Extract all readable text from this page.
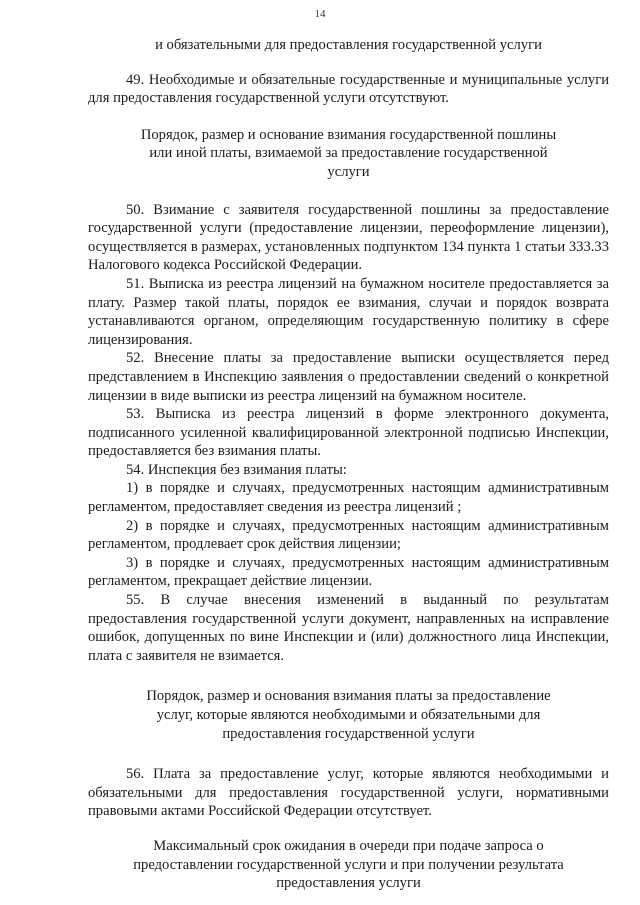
14
и обязательными для предоставления государственной услуги
49. Необходимые и обязательные государственные и муниципальные услуги для предоставления государственной услуги отсутствуют.
Порядок, размер и основание взимания государственной пошлины или иной платы, взимаемой за предоставление государственной услуги
50. Взимание с заявителя государственной пошлины за предоставление государственной услуги (предоставление лицензии, переоформление лицензии), осуществляется в размерах, установленных подпунктом 134 пункта 1 статьи 333.33 Налогового кодекса Российской Федерации.
51. Выписка из реестра лицензий на бумажном носителе предоставляется за плату. Размер такой платы, порядок ее взимания, случаи и порядок возврата устанавливаются органом, определяющим государственную политику в сфере лицензирования.
52. Внесение платы за предоставление выписки осуществляется перед представлением в Инспекцию заявления о предоставлении сведений о конкретной лицензии в виде выписки из реестра лицензий на бумажном носителе.
53. Выписка из реестра лицензий в форме электронного документа, подписанного усиленной квалифицированной электронной подписью Инспекции, предоставляется без взимания платы.
54. Инспекция без взимания платы:
1) в порядке и случаях, предусмотренных настоящим административным регламентом, предоставляет сведения из реестра лицензий ;
2) в порядке и случаях, предусмотренных настоящим административным регламентом, продлевает срок действия лицензии;
3) в порядке и случаях, предусмотренных настоящим административным регламентом, прекращает действие лицензии.
55. В случае внесения изменений в выданный по результатам предоставления государственной услуги документ, направленных на исправление ошибок, допущенных по вине Инспекции и (или) должностного лица Инспекции, плата с заявителя не взимается.
Порядок, размер и основания взимания платы за предоставление услуг, которые являются необходимыми и обязательными для предоставления государственной услуги
56. Плата за предоставление услуг, которые являются необходимыми и обязательными для предоставления государственной услуги, нормативными правовыми актами Российской Федерации отсутствует.
Максимальный срок ожидания в очереди при подаче запроса о предоставлении государственной услуги и при получении результата предоставления услуги
